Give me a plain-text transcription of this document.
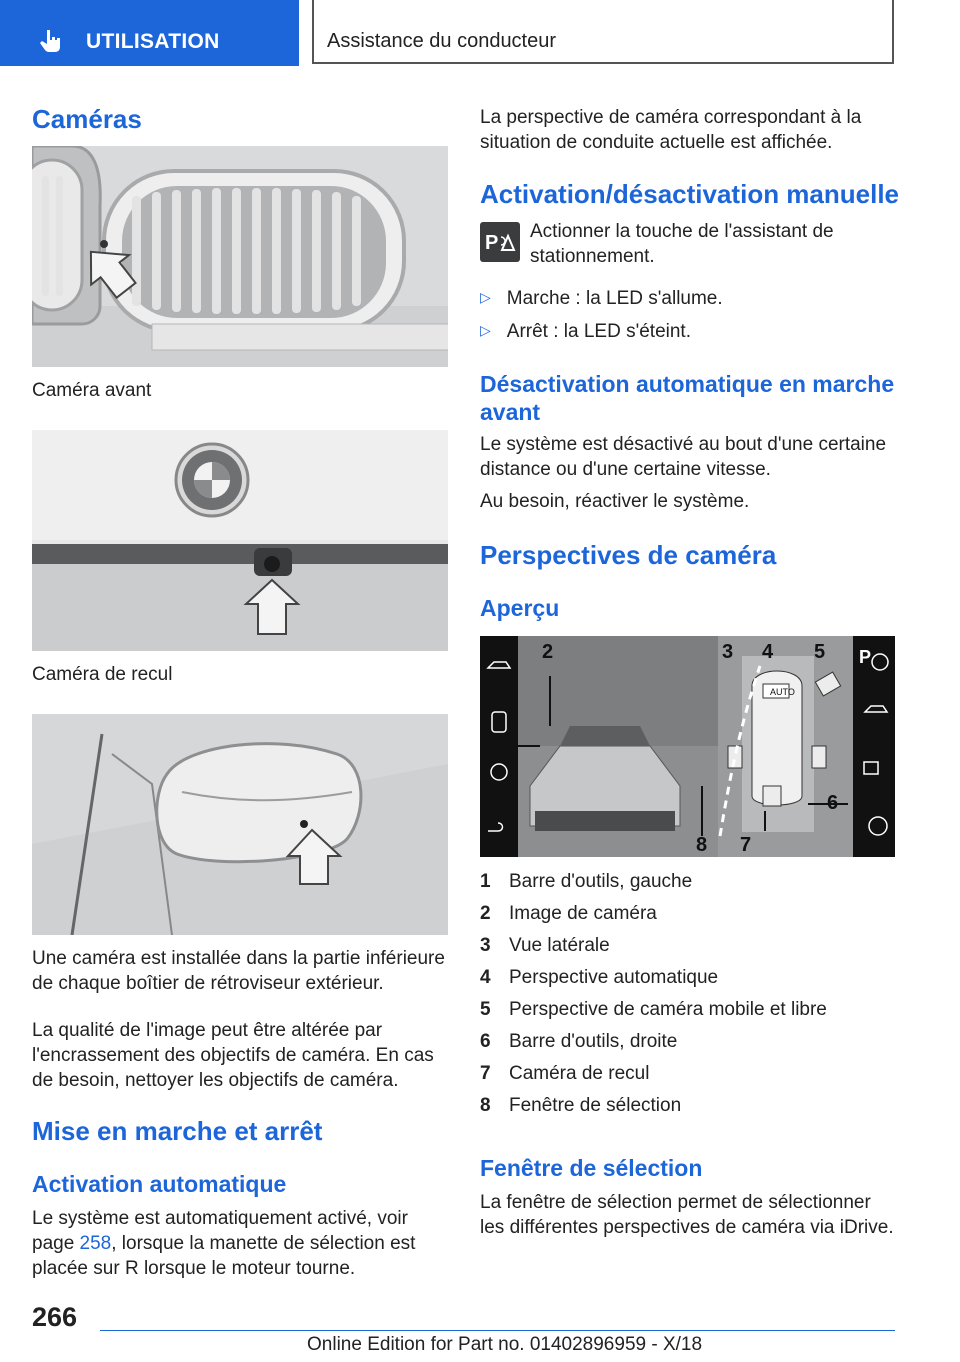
UTILISATION	Assistance du conducteur
Caméras
Caméra avant
Caméra de recul

Une caméra est installée dans la partie inférieure de chaque boîtier de rétroviseur extérieur.

La qualité de l'image peut être altérée par l'encrassement des objectifs de caméra. En cas de besoin, nettoyer les objectifs de caméra.

Mise en marche et arrêt
Activation automatique

Le système est automatiquement activé, voir page 258, lorsque la manette de sélection est placée sur R lorsque le moteur tourne.

La perspective de caméra correspondant à la situation de conduite actuelle est affichée.

Activation/désactivation manuelle
P

Actionner la touche de l'assistant de stationnement.

▷ Marche : la LED s'allume.
▷ Arrêt : la LED s'éteint.
Désactivation automatique en marche avant

Le système est désactivé au bout d'une certaine distance ou d'une certaine vitesse.

Au besoin, réactiver le système.

Perspectives de caméra
Aperçu
P
AUTO
1 2	3 4 5
6
7
8
1 Barre d'outils, gauche
2 Image de caméra
3 Vue latérale
4 Perspective automatique
5 Perspective de caméra mobile et libre
6 Barre d'outils, droite
7 Caméra de recul
8 Fenêtre de sélection
Fenêtre de sélection

La fenêtre de sélection permet de sélectionner les différentes perspectives de caméra via iDrive.

266
Online Edition for Part no. 01402896959 - X/18
